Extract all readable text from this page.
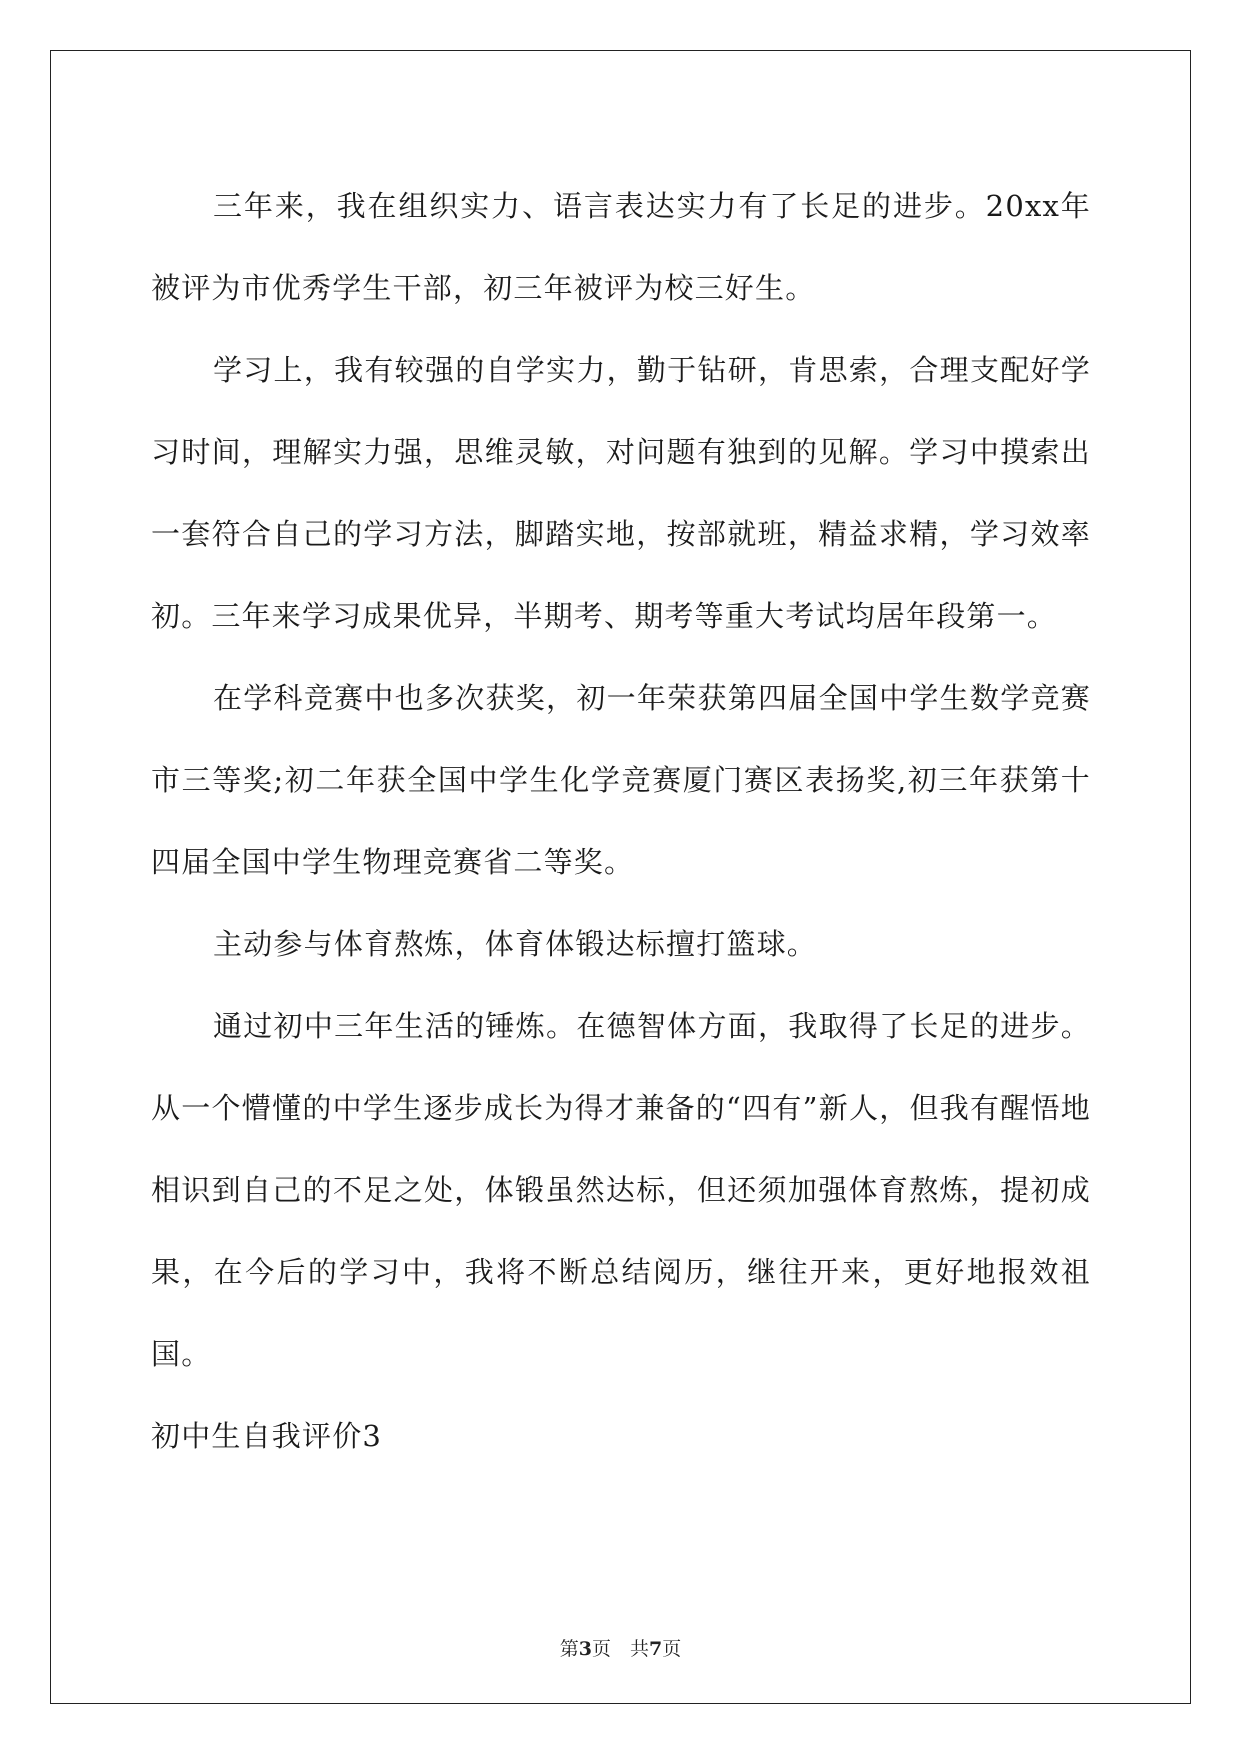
三年来，我在组织实力、语言表达实力有了长足的进步。20xx年被评为市优秀学生干部，初三年被评为校三好生。

学习上，我有较强的自学实力，勤于钻研，肯思索，合理支配好学习时间，理解实力强，思维灵敏，对问题有独到的见解。学习中摸索出一套符合自己的学习方法，脚踏实地，按部就班，精益求精，学习效率初。三年来学习成果优异，半期考、期考等重大考试均居年段第一。

在学科竞赛中也多次获奖，初一年荣获第四届全国中学生数学竞赛市三等奖;初二年获全国中学生化学竞赛厦门赛区表扬奖,初三年获第十四届全国中学生物理竞赛省二等奖。

主动参与体育熬炼，体育体锻达标擅打篮球。

通过初中三年生活的锤炼。在德智体方面，我取得了长足的进步。从一个懵懂的中学生逐步成长为得才兼备的“四有”新人，但我有醒悟地相识到自己的不足之处，体锻虽然达标，但还须加强体育熬炼，提初成果，在今后的学习中，我将不断总结阅历，继往开来，更好地报效祖国。

初中生自我评价3

第3页　共7页
